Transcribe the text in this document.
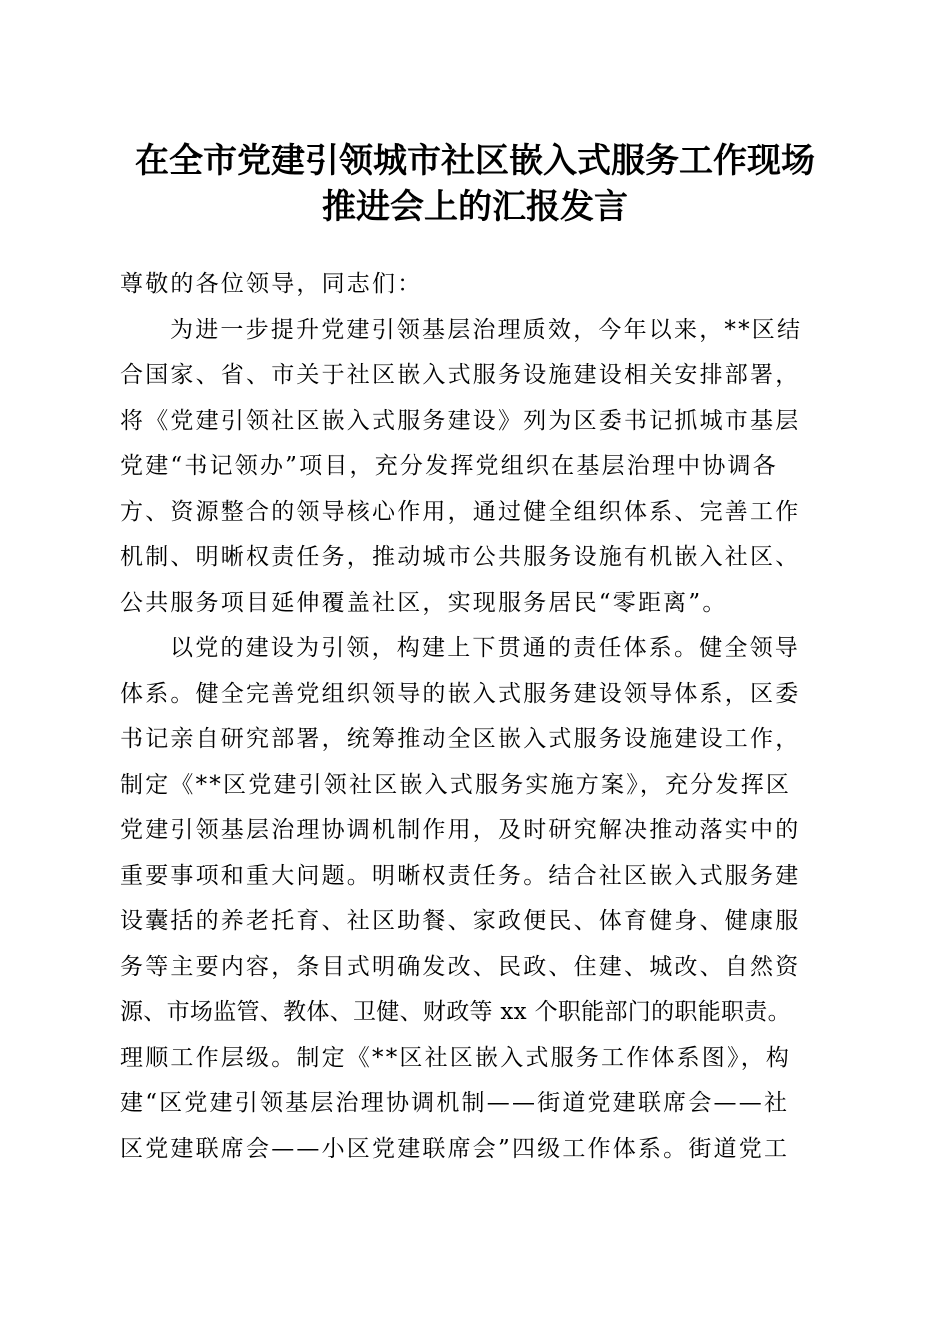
在全市党建引领城市社区嵌入式服务工作现场
推进会上的汇报发言
尊敬的各位领导，同志们：
为进一步提升党建引领基层治理质效，今年以来，**区结
合国家、省、市关于社区嵌入式服务设施建设相关安排部署，
将《党建引领社区嵌入式服务建设》列为区委书记抓城市基层
党建“书记领办”项目，充分发挥党组织在基层治理中协调各
方、资源整合的领导核心作用，通过健全组织体系、完善工作
机制、明晰权责任务，推动城市公共服务设施有机嵌入社区、
公共服务项目延伸覆盖社区，实现服务居民“零距离”。
以党的建设为引领，构建上下贯通的责任体系。健全领导
体系。健全完善党组织领导的嵌入式服务建设领导体系，区委
书记亲自研究部署，统筹推动全区嵌入式服务设施建设工作，
制定《**区党建引领社区嵌入式服务实施方案》，充分发挥区
党建引领基层治理协调机制作用，及时研究解决推动落实中的
重要事项和重大问题。明晰权责任务。结合社区嵌入式服务建
设囊括的养老托育、社区助餐、家政便民、体育健身、健康服
务等主要内容，条目式明确发改、民政、住建、城改、自然资
源、市场监管、教体、卫健、财政等 xx 个职能部门的职能职责。
理顺工作层级。制定《**区社区嵌入式服务工作体系图》，构
建“区党建引领基层治理协调机制——街道党建联席会——社
区党建联席会——小区党建联席会”四级工作体系。街道党工
